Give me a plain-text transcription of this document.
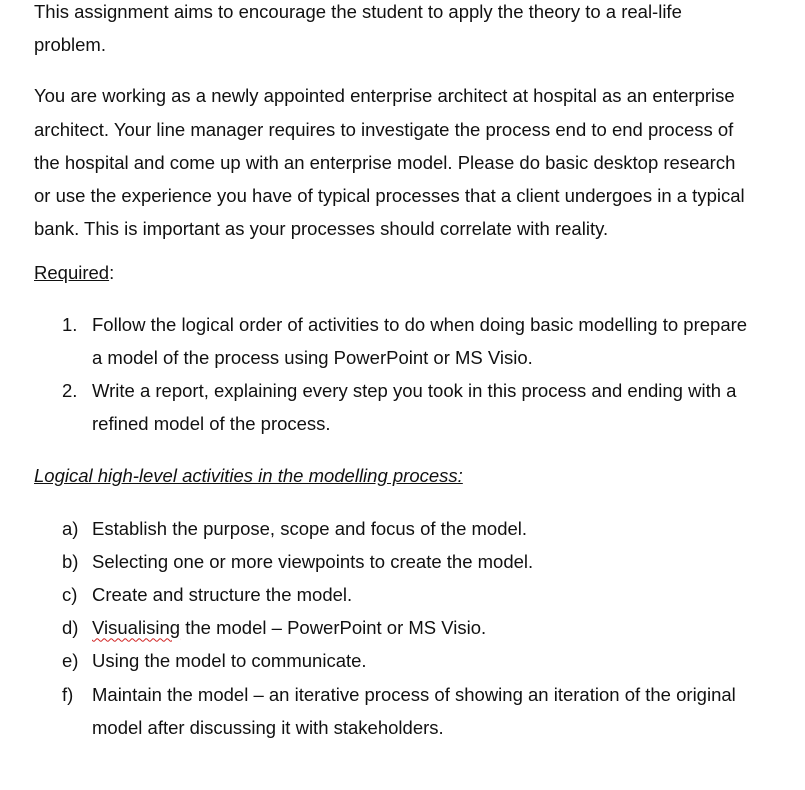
This assignment aims to encourage the student to apply the theory to a real-life problem.

You are working as a newly appointed enterprise architect at hospital as an enterprise architect. Your line manager requires to investigate the process end to end process of the hospital and come up with an enterprise model. Please do basic desktop research or use the experience you have of typical processes that a client undergoes in a typical bank. This is important as your processes should correlate with reality.

Required:

1. Follow the logical order of activities to do when doing basic modelling to prepare a model of the process using PowerPoint or MS Visio.
2. Write a report, explaining every step you took in this process and ending with a refined model of the process.

Logical high-level activities in the modelling process:

a) Establish the purpose, scope and focus of the model.
b) Selecting one or more viewpoints to create the model.
c) Create and structure the model.
d) Visualising the model – PowerPoint or MS Visio.
e) Using the model to communicate.
f) Maintain the model – an iterative process of showing an iteration of the original model after discussing it with stakeholders.
